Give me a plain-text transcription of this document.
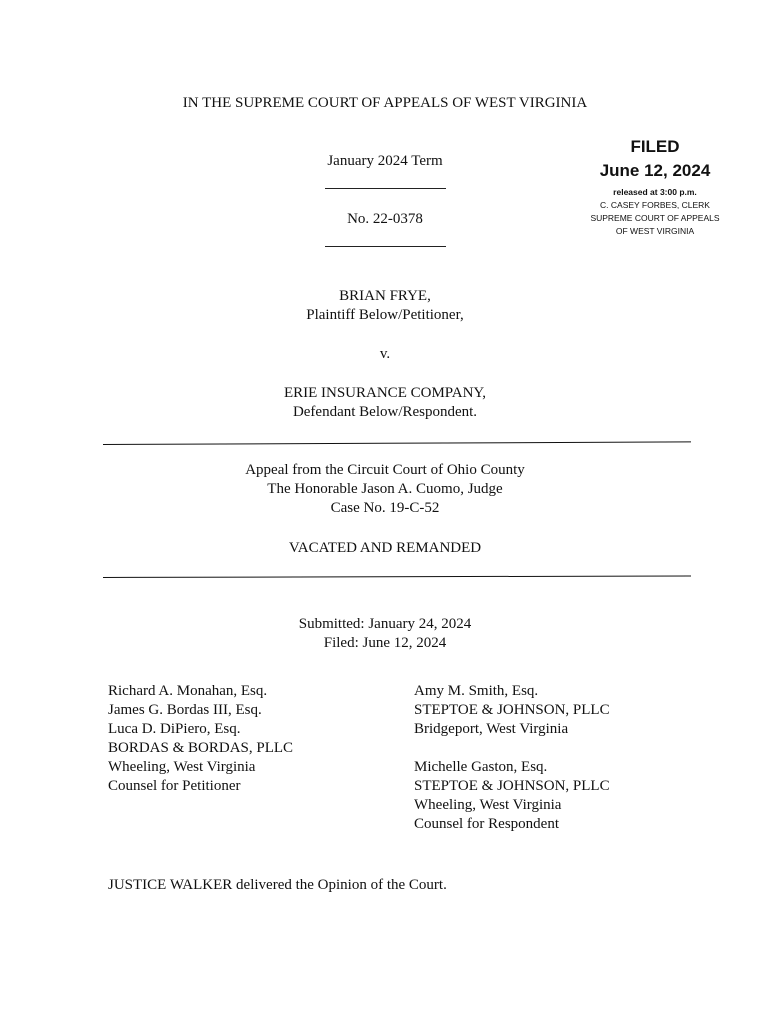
IN THE SUPREME COURT OF APPEALS OF WEST VIRGINIA
January 2024 Term
No. 22-0378
FILED
June 12, 2024
released at 3:00 p.m.
C. CASEY FORBES, CLERK
SUPREME COURT OF APPEALS
OF WEST VIRGINIA
BRIAN FRYE,
Plaintiff Below/Petitioner,
v.
ERIE INSURANCE COMPANY,
Defendant Below/Respondent.
Appeal from the Circuit Court of Ohio County
The Honorable Jason A. Cuomo, Judge
Case No. 19-C-52
VACATED AND REMANDED
Submitted: January 24, 2024
Filed: June 12, 2024
Richard A. Monahan, Esq.
James G. Bordas III, Esq.
Luca D. DiPiero, Esq.
BORDAS & BORDAS, PLLC
Wheeling, West Virginia
Counsel for Petitioner
Amy M. Smith, Esq.
STEPTOE & JOHNSON, PLLC
Bridgeport, West Virginia
Michelle Gaston, Esq.
STEPTOE & JOHNSON, PLLC
Wheeling, West Virginia
Counsel for Respondent
JUSTICE WALKER delivered the Opinion of the Court.
